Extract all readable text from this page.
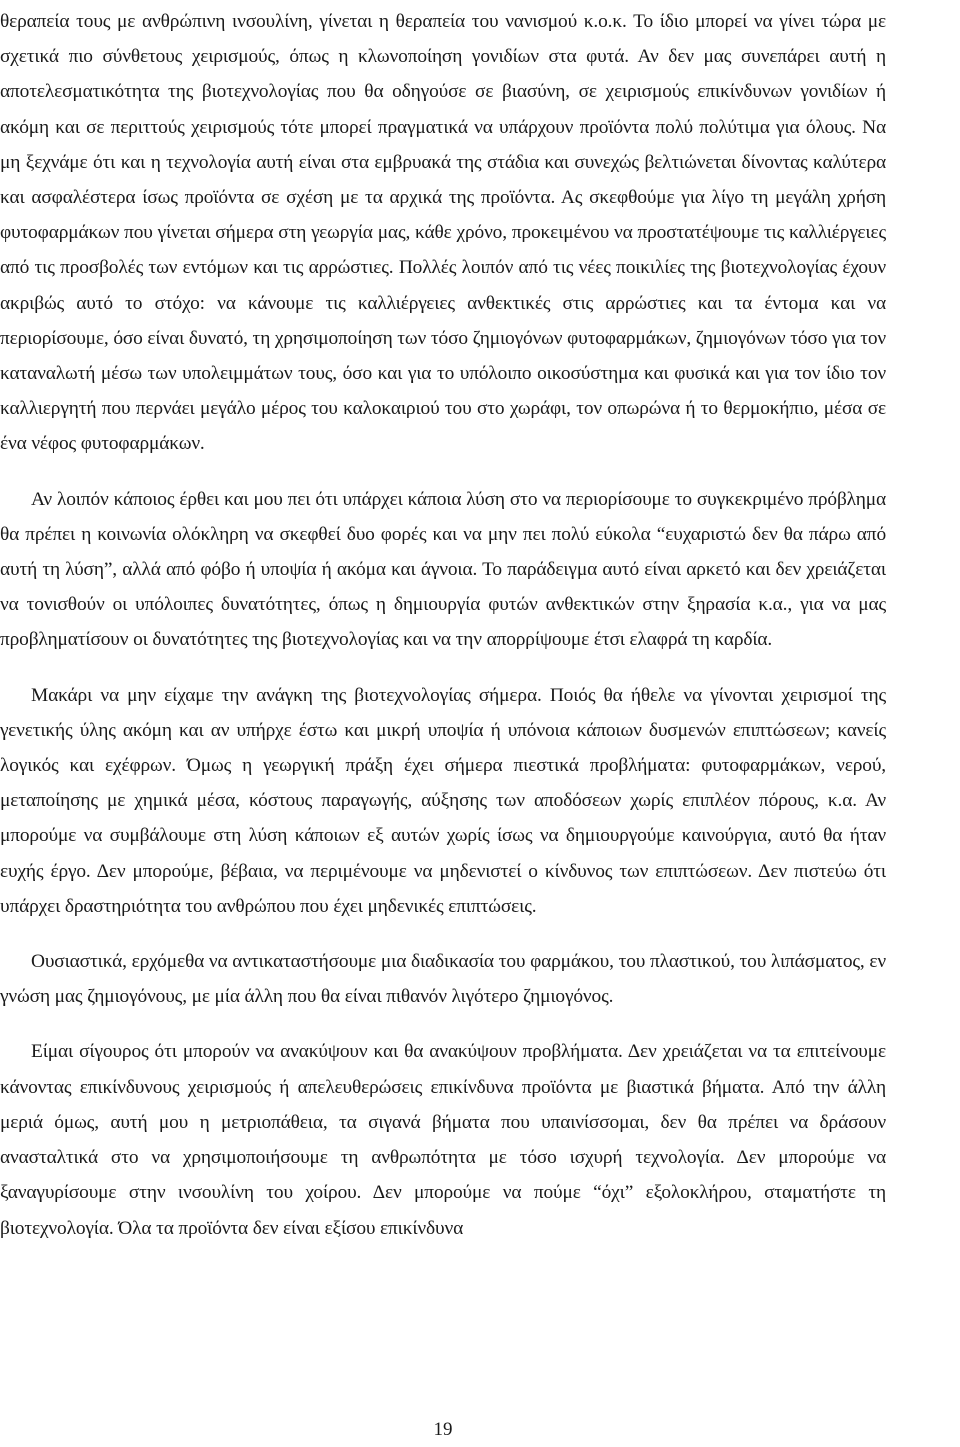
θεραπεία τους με ανθρώπινη ινσουλίνη, γίνεται η θεραπεία του νανισμού κ.ο.κ. Το ίδιο μπορεί να γίνει τώρα με σχετικά πιο σύνθετους χειρισμούς, όπως η κλωνοποίηση γονιδίων στα φυτά. Αν δεν μας συνεπάρει αυτή η αποτελεσματικότητα της βιοτεχνολογίας που θα οδηγούσε σε βιασύνη, σε χειρισμούς επικίνδυνων γονιδίων ή ακόμη και σε περιττούς χειρισμούς τότε μπορεί πραγματικά να υπάρχουν προϊόντα πολύ πολύτιμα για όλους. Να μη ξεχνάμε ότι και η τεχνολογία αυτή είναι στα εμβρυακά της στάδια και συνεχώς βελτιώνεται δίνοντας καλύτερα και ασφαλέστερα ίσως προϊόντα σε σχέση με τα αρχικά της προϊόντα. Ας σκεφθούμε για λίγο τη μεγάλη χρήση φυτοφαρμάκων που γίνεται σήμερα στη γεωργία μας, κάθε χρόνο, προκειμένου να προστατέψουμε τις καλλιέργειες από τις προσβολές των εντόμων και τις αρρώστιες. Πολλές λοιπόν από τις νέες ποικιλίες της βιοτεχνολογίας έχουν ακριβώς αυτό το στόχο: να κάνουμε τις καλλιέργειες ανθεκτικές στις αρρώστιες και τα έντομα και να περιορίσουμε, όσο είναι δυνατό, τη χρησιμοποίηση των τόσο ζημιογόνων φυτοφαρμάκων, ζημιογόνων τόσο για τον καταναλωτή μέσω των υπολειμμάτων τους, όσο και για το υπόλοιπο οικοσύστημα και φυσικά και για τον ίδιο τον καλλιεργητή που περνάει μεγάλο μέρος του καλοκαιριού του στο χωράφι, τον οπωρώνα ή το θερμοκήπιο, μέσα σε ένα νέφος φυτοφαρμάκων.

Αν λοιπόν κάποιος έρθει και μου πει ότι υπάρχει κάποια λύση στο να περιορίσουμε το συγκεκριμένο πρόβλημα θα πρέπει η κοινωνία ολόκληρη να σκεφθεί δυο φορές και να μην πει πολύ εύκολα “ευχαριστώ δεν θα πάρω από αυτή τη λύση”, αλλά από φόβο ή υποψία ή ακόμα και άγνοια. Το παράδειγμα αυτό είναι αρκετό και δεν χρειάζεται να τονισθούν οι υπόλοιπες δυνατότητες, όπως η δημιουργία φυτών ανθεκτικών στην ξηρασία κ.α., για να μας προβληματίσουν οι δυνατότητες της βιοτεχνολογίας και να την απορρίψουμε έτσι ελαφρά τη καρδία.

Μακάρι να μην είχαμε την ανάγκη της βιοτεχνολογίας σήμερα. Ποιός θα ήθελε να γίνονται χειρισμοί της γενετικής ύλης ακόμη και αν υπήρχε έστω και μικρή υποψία ή υπόνοια κάποιων δυσμενών επιπτώσεων; κανείς λογικός και εχέφρων. Όμως η γεωργική πράξη έχει σήμερα πιεστικά προβλήματα: φυτοφαρμάκων, νερού, μεταποίησης με χημικά μέσα, κόστους παραγωγής, αύξησης των αποδόσεων χωρίς επιπλέον πόρους, κ.α. Αν μπορούμε να συμβάλουμε στη λύση κάποιων εξ αυτών χωρίς ίσως να δημιουργούμε καινούργια, αυτό θα ήταν ευχής έργο. Δεν μπορούμε, βέβαια, να περιμένουμε να μηδενιστεί ο κίνδυνος των επιπτώσεων. Δεν πιστεύω ότι υπάρχει δραστηριότητα του ανθρώπου που έχει μηδενικές επιπτώσεις.

Ουσιαστικά, ερχόμεθα να αντικαταστήσουμε μια διαδικασία του φαρμάκου, του πλαστικού, του λιπάσματος, εν γνώση μας ζημιογόνους, με μία άλλη που θα είναι πιθανόν λιγότερο ζημιογόνος.

Είμαι σίγουρος ότι μπορούν να ανακύψουν και θα ανακύψουν προβλήματα. Δεν χρειάζεται να τα επιτείνουμε κάνοντας επικίνδυνους χειρισμούς ή απελευθερώσεις επικίνδυνα προϊόντα με βιαστικά βήματα. Από την άλλη μεριά όμως, αυτή μου η μετριοπάθεια, τα σιγανά βήματα που υπαινίσσομαι, δεν θα πρέπει να δράσουν ανασταλτικά στο να χρησιμοποιήσουμε τη ανθρωπότητα με τόσο ισχυρή τεχνολογία. Δεν μπορούμε να ξαναγυρίσουμε στην ινσουλίνη του χοίρου. Δεν μπορούμε να πούμε “όχι” εξολοκλήρου, σταματήστε τη βιοτεχνολογία. Όλα τα προϊόντα δεν είναι εξίσου επικίνδυνα

19
